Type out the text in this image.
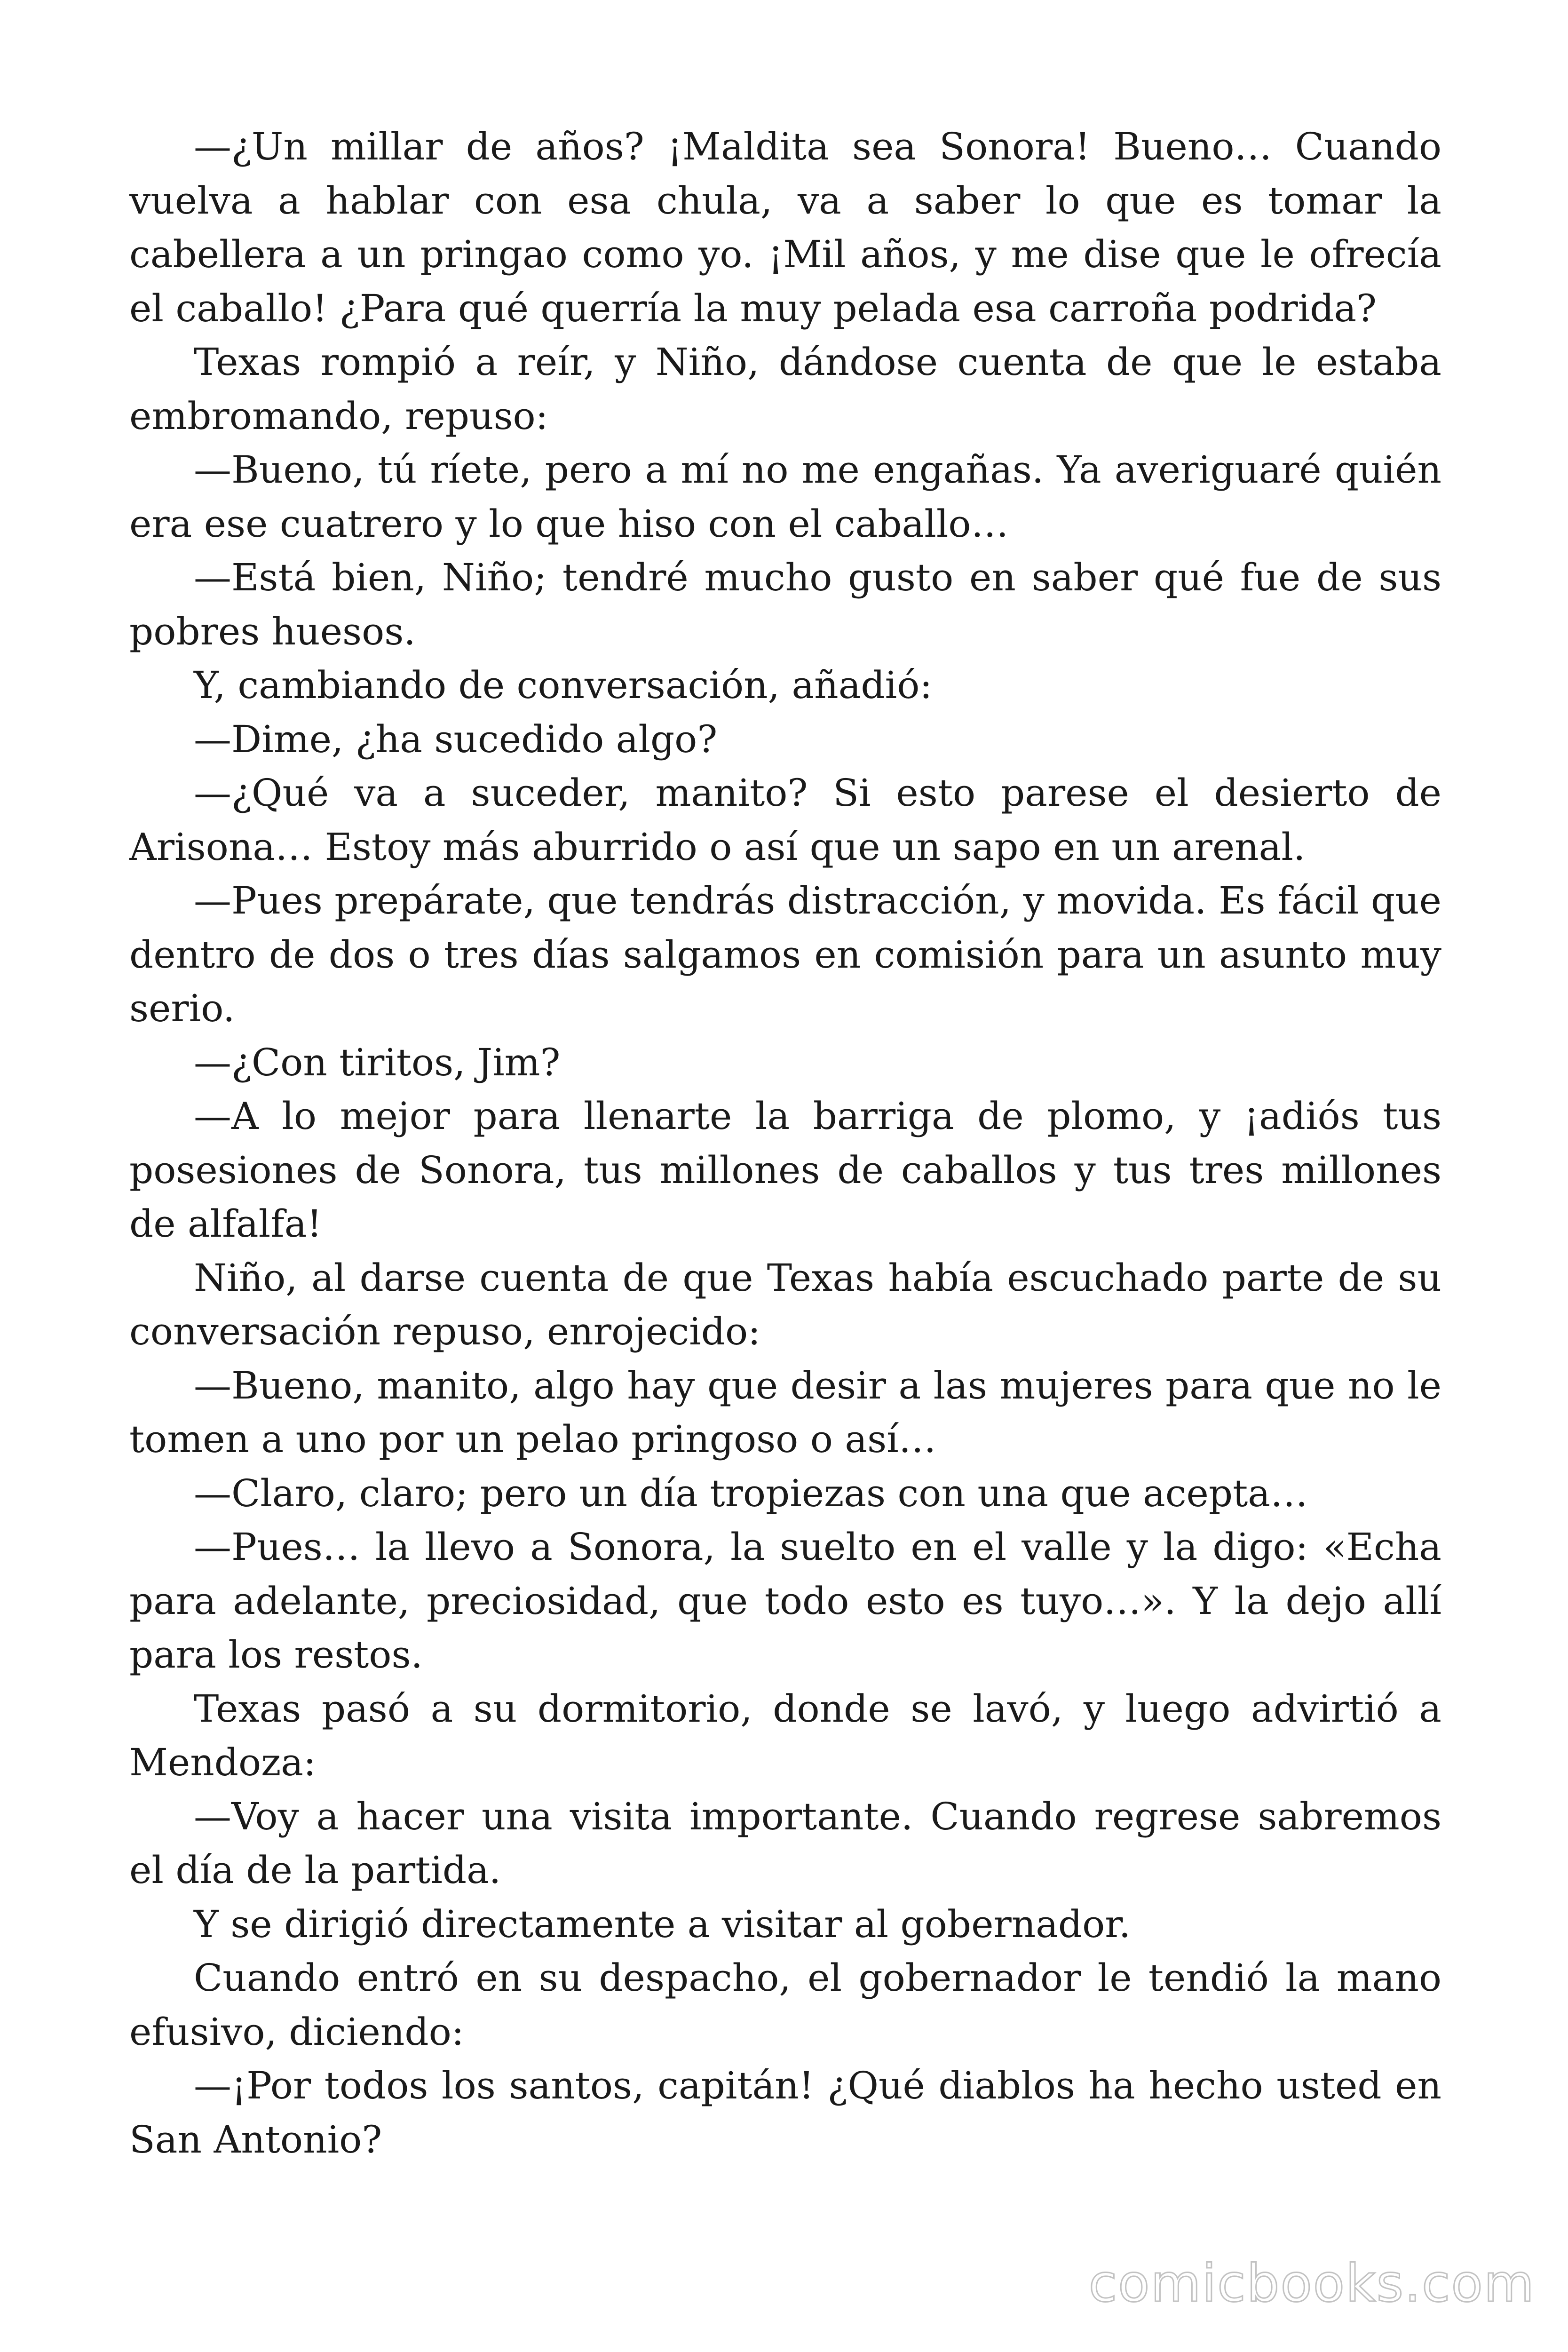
—¿Un millar de años? ¡Maldita sea Sonora! Bueno… Cuando vuelva a hablar con esa chula, va a saber lo que es tomar la cabellera a un pringao como yo. ¡Mil años, y me dise que le ofrecía el caballo! ¿Para qué querría la muy pelada esa carroña podrida?

Texas rompió a reír, y Niño, dándose cuenta de que le estaba embromando, repuso:

—Bueno, tú ríete, pero a mí no me engañas. Ya averiguaré quién era ese cuatrero y lo que hiso con el caballo…

—Está bien, Niño; tendré mucho gusto en saber qué fue de sus pobres huesos.

Y, cambiando de conversación, añadió:

—Dime, ¿ha sucedido algo?

—¿Qué va a suceder, manito? Si esto parese el desierto de Arisona… Estoy más aburrido o así que un sapo en un arenal.

—Pues prepárate, que tendrás distracción, y movida. Es fácil que dentro de dos o tres días salgamos en comisión para un asunto muy serio.

—¿Con tiritos, Jim?

—A lo mejor para llenarte la barriga de plomo, y ¡adiós tus posesiones de Sonora, tus millones de caballos y tus tres millones de alfalfa!

Niño, al darse cuenta de que Texas había escuchado parte de su conversación repuso, enrojecido:

—Bueno, manito, algo hay que desir a las mujeres para que no le tomen a uno por un pelao pringoso o así…

—Claro, claro; pero un día tropiezas con una que acepta…

—Pues… la llevo a Sonora, la suelto en el valle y la digo: «Echa para adelante, preciosidad, que todo esto es tuyo…». Y la dejo allí para los restos.

Texas pasó a su dormitorio, donde se lavó, y luego advirtió a Mendoza:

—Voy a hacer una visita importante. Cuando regrese sabremos el día de la partida.

Y se dirigió directamente a visitar al gobernador.

Cuando entró en su despacho, el gobernador le tendió la mano efusivo, diciendo:

—¡Por todos los santos, capitán! ¿Qué diablos ha hecho usted en San Antonio?

comicbooks.com
